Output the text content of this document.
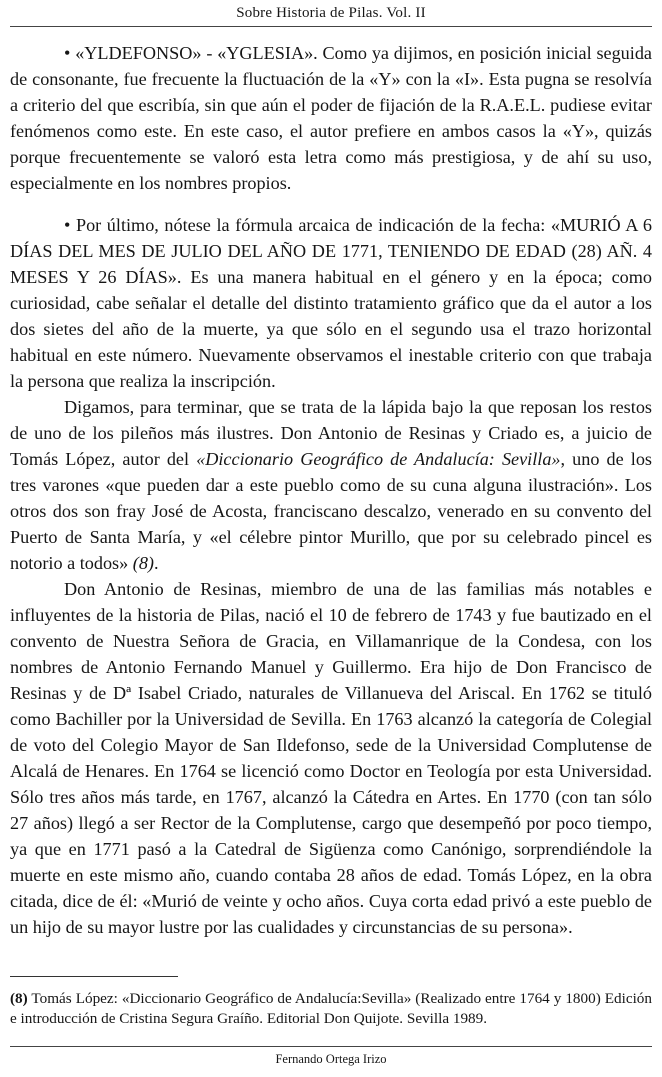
Sobre Historia de Pilas. Vol. II

• «YLDEFONSO» - «YGLESIA». Como ya dijimos, en posición inicial seguida de consonante, fue frecuente la fluctuación de la «Y» con la «I». Esta pugna se resolvía a criterio del que escribía, sin que aún el poder de fijación de la R.A.E.L. pudiese evitar fenómenos como este. En este caso, el autor prefiere en ambos casos la «Y», quizás porque frecuentemente se valoró esta letra como más prestigiosa, y de ahí su uso, especialmente en los nombres propios.

• Por último, nótese la fórmula arcaica de indicación de la fecha: «MURIÓ A 6 DÍAS DEL MES DE JULIO DEL AÑO DE 1771, TENIENDO DE EDAD (28) AÑ. 4 MESES Y 26 DÍAS». Es una manera habitual en el género y en la época; como curiosidad, cabe señalar el detalle del distinto tratamiento gráfico que da el autor a los dos sietes del año de la muerte, ya que sólo en el segundo usa el trazo horizontal habitual en este número. Nuevamente observamos el inestable criterio con que trabaja la persona que realiza la inscripción.

Digamos, para terminar, que se trata de la lápida bajo la que reposan los restos de uno de los pileños más ilustres. Don Antonio de Resinas y Criado es, a juicio de Tomás López, autor del «Diccionario Geográfico de Andalucía: Sevilla», uno de los tres varones «que pueden dar a este pueblo como de su cuna alguna ilustración». Los otros dos son fray José de Acosta, franciscano descalzo, venerado en su convento del Puerto de Santa María, y «el célebre pintor Murillo, que por su celebrado pincel es notorio a todos» (8).

Don Antonio de Resinas, miembro de una de las familias más notables e influyentes de la historia de Pilas, nació el 10 de febrero de 1743 y fue bautizado en el convento de Nuestra Señora de Gracia, en Villamanrique de la Condesa, con los nombres de Antonio Fernando Manuel y Guillermo. Era hijo de Don Francisco de Resinas y de Dª Isabel Criado, naturales de Villanueva del Ariscal. En 1762 se tituló como Bachiller por la Universidad de Sevilla. En 1763 alcanzó la categoría de Colegial de voto del Colegio Mayor de San Ildefonso, sede de la Universidad Complutense de Alcalá de Henares. En 1764 se licenció como Doctor en Teología por esta Universidad. Sólo tres años más tarde, en 1767, alcanzó la Cátedra en Artes. En 1770 (con tan sólo 27 años) llegó a ser Rector de la Complutense, cargo que desempeñó por poco tiempo, ya que en 1771 pasó a la Catedral de Sigüenza como Canónigo, sorprendiéndole la muerte en este mismo año, cuando contaba 28 años de edad. Tomás López, en la obra citada, dice de él: «Murió de veinte y ocho años. Cuya corta edad privó a este pueblo de un hijo de su mayor lustre por las cualidades y circunstancias de su persona».

(8) Tomás López: «Diccionario Geográfico de Andalucía:Sevilla» (Realizado entre 1764 y 1800) Edición e introducción de Cristina Segura Graíño. Editorial Don Quijote. Sevilla 1989.
Fernando Ortega Irizo
